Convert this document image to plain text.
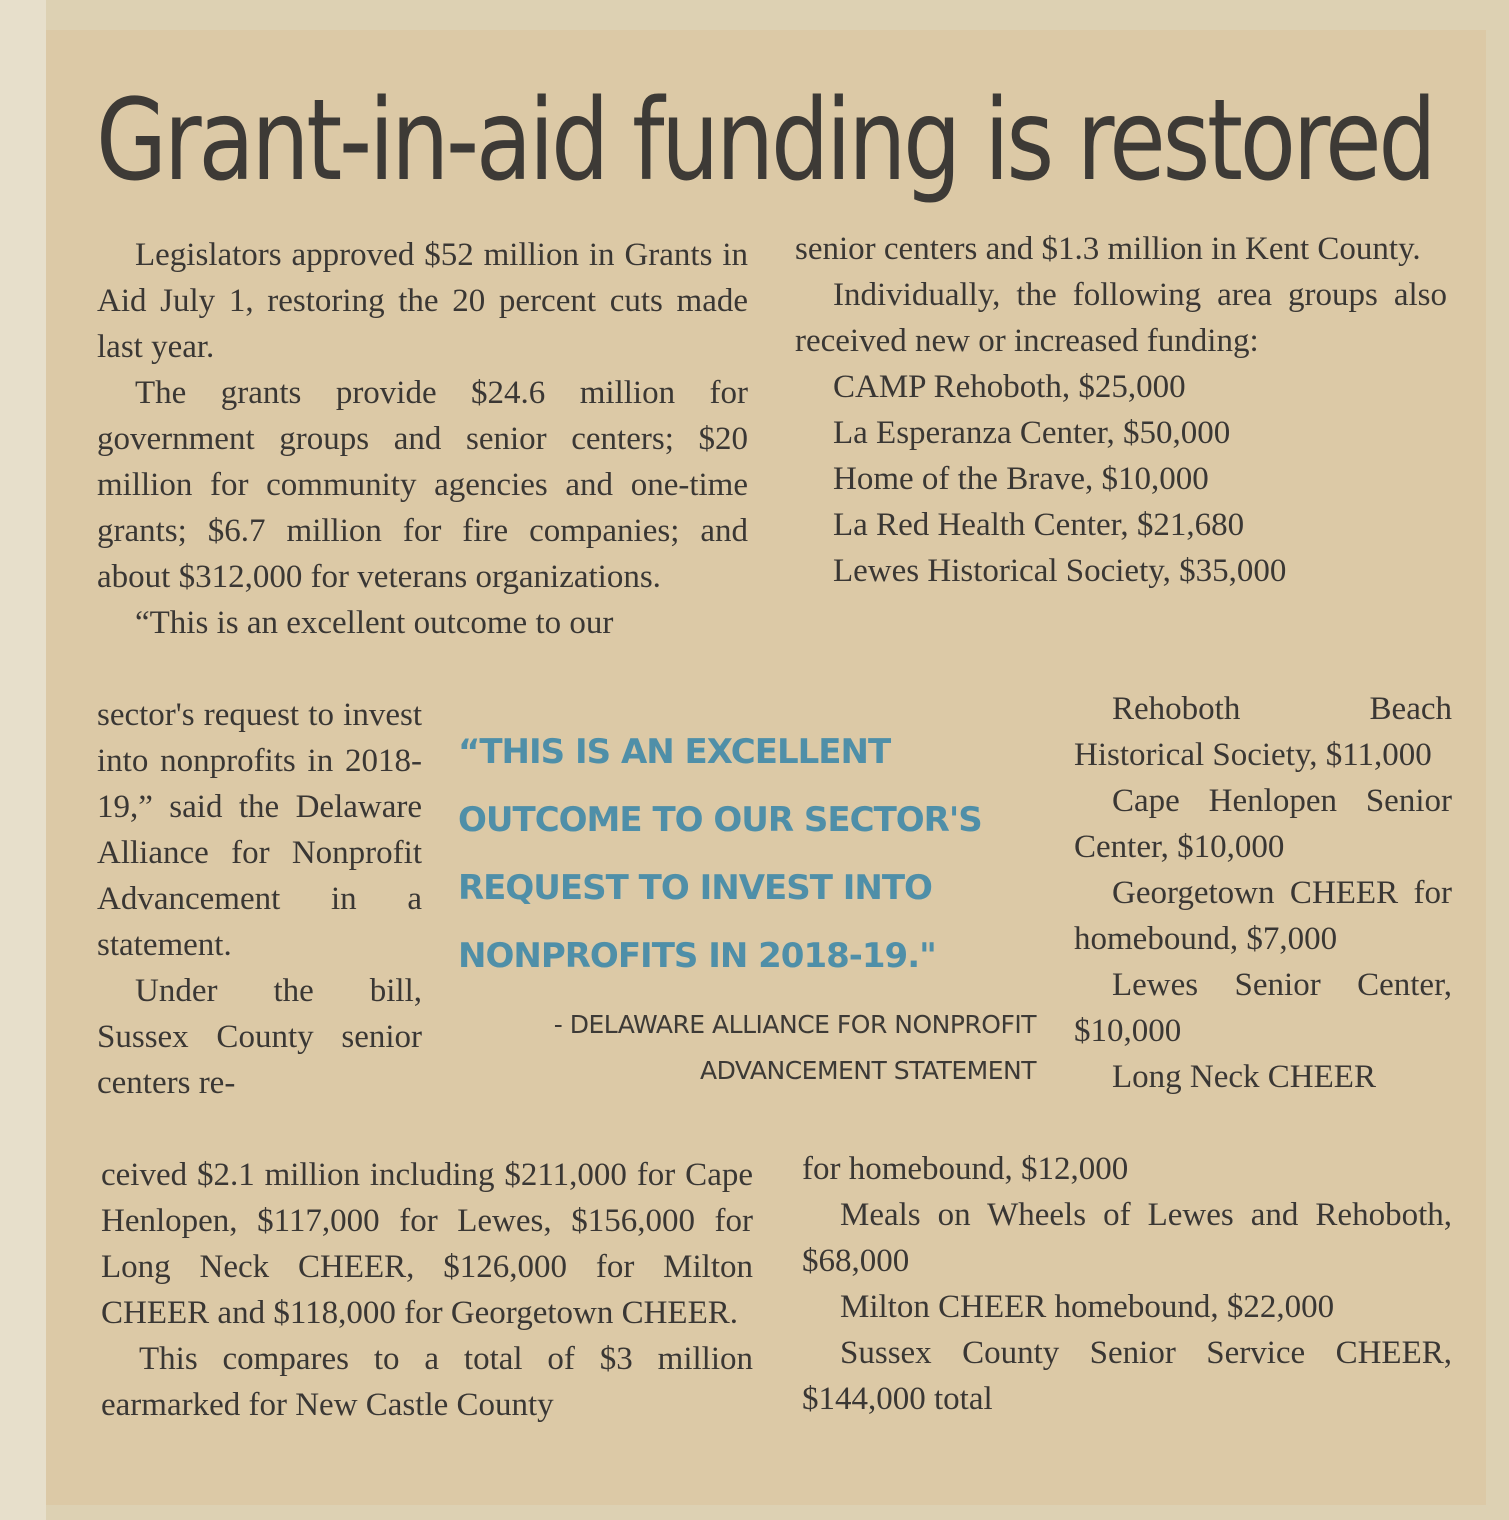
Grant-in-aid funding is restored

Legislators approved $52 million in Grants in Aid July 1, restoring the 20 percent cuts made last year.

The grants provide $24.6 million for government groups and senior centers; $20 million for community agencies and one-time grants; $6.7 million for fire companies; and about $312,000 for veterans organizations.

“This is an excellent outcome to our

sector's request to invest into nonprofits in 2018-19,” said the Delaware Alliance for Nonprofit Advancement in a statement.

Under the bill, Sussex County senior centers re-

ceived $2.1 million including $211,000 for Cape Henlopen, $117,000 for Lewes, $156,000 for Long Neck CHEER, $126,000 for Milton CHEER and $118,000 for Georgetown CHEER.

This compares to a total of $3 million earmarked for New Castle County

senior centers and $1.3 million in Kent County.

Individually, the following area groups also received new or increased funding:

CAMP Rehoboth, $25,000

La Esperanza Center, $50,000

Home of the Brave, $10,000

La Red Health Center, $21,680

Lewes Historical Society, $35,000

Rehoboth Beach Historical Society, $11,000

Cape Henlopen Senior Center, $10,000

Georgetown CHEER for homebound, $7,000

Lewes Senior Center, $10,000

Long Neck CHEER

for homebound, $12,000

Meals on Wheels of Lewes and Rehoboth, $68,000

Milton CHEER homebound, $22,000

Sussex County Senior Service CHEER, $144,000 total

“THIS IS AN EXCELLENT
OUTCOME TO OUR SECTOR'S
REQUEST TO INVEST INTO
NONPROFITS IN 2018-19."
- DELAWARE ALLIANCE FOR NONPROFIT
ADVANCEMENT STATEMENT
